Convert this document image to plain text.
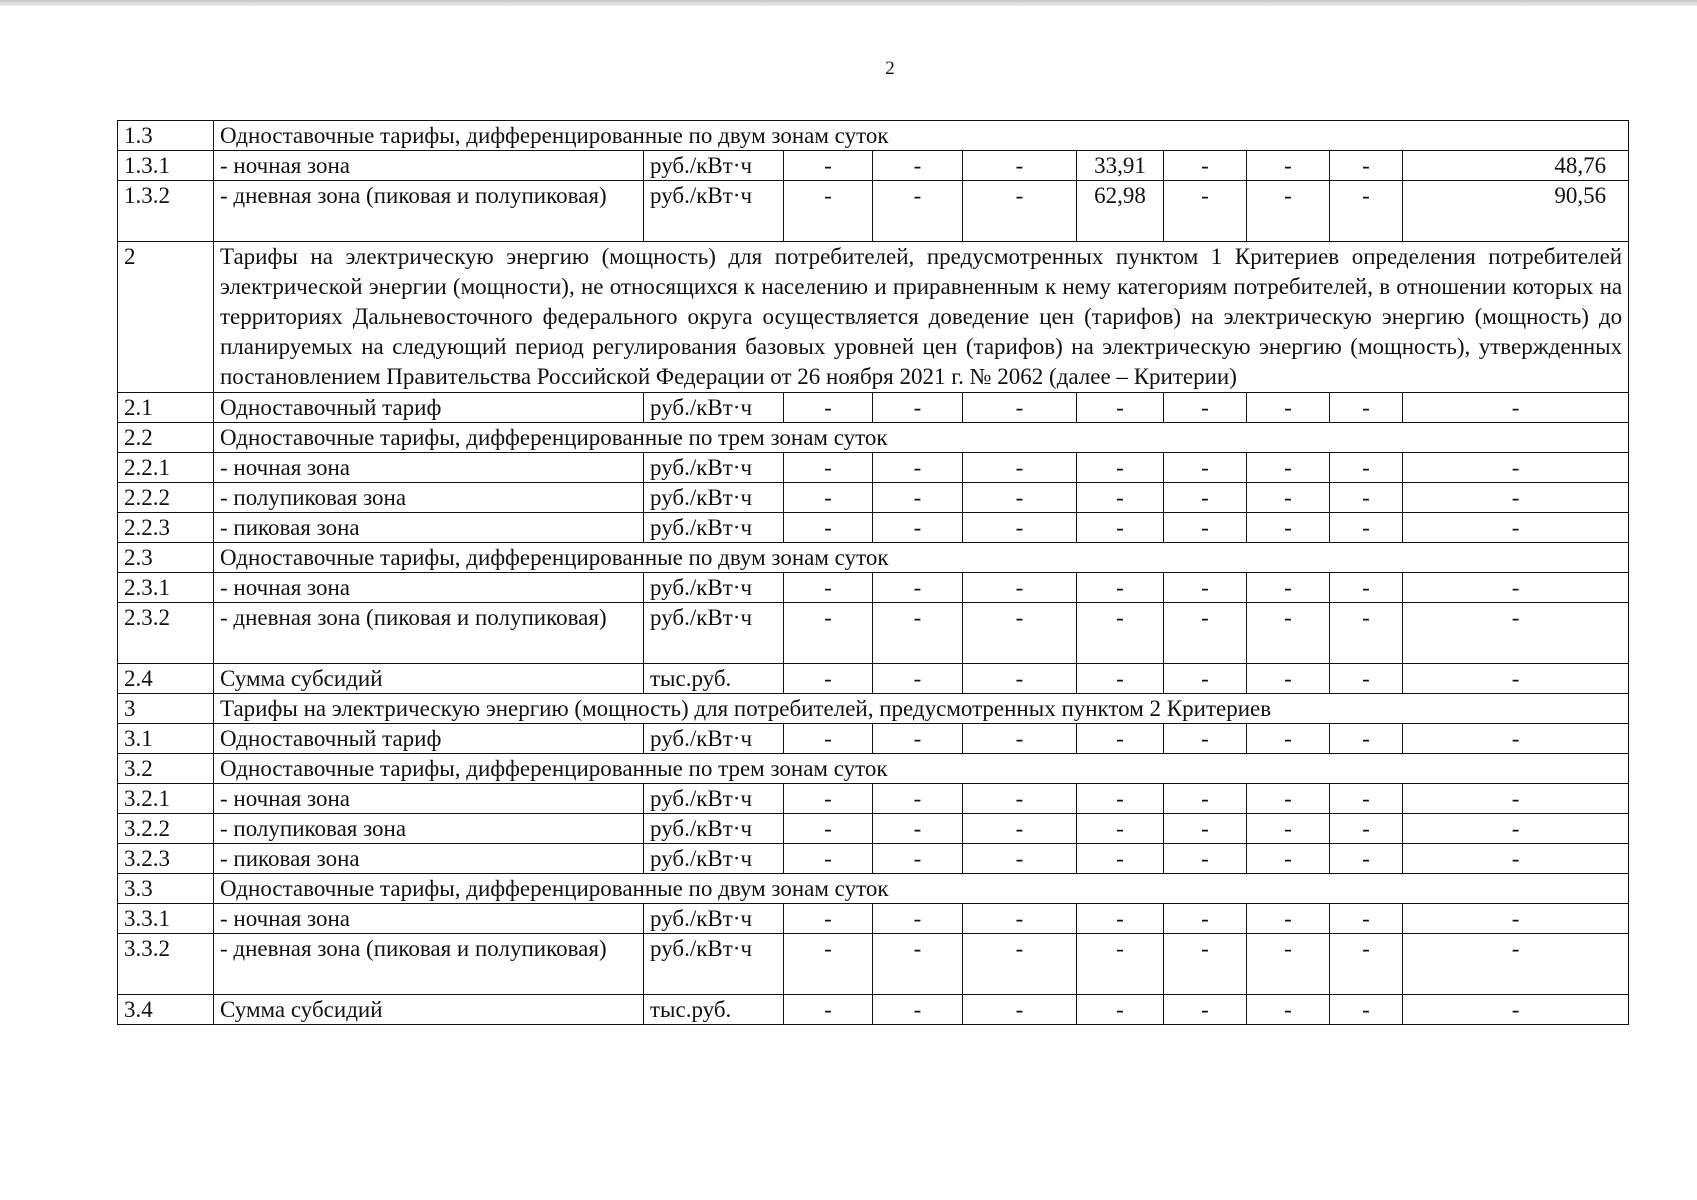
2
1.3	Одноставочные тарифы, дифференцированные по двум зонам суток									
1.3.1	- ночная зона	руб./кВт·ч	-	-	-	33,91	-	-	-	48,76
1.3.2	- дневная зона (пиковая и полупиковая)	руб./кВт·ч	-	-	-	62,98	-	-	-	90,56
2	Тарифы на электрическую энергию (мощность) для потребителей, предусмотренных пунктом 1 Критериев определения потребителей электрической энергии (мощности), не относящихся к населению и приравненным к нему категориям потребителей, в отношении которых на территориях Дальневосточного федерального округа осуществляется доведение цен (тарифов) на электрическую энергию (мощность) до планируемых на следующий период регулирования базовых уровней цен (тарифов) на электрическую энергию (мощность), утвержденных постановлением Правительства Российской Федерации от 26 ноября 2021 г. № 2062 (далее – Критерии)									
2.1	Одноставочный тариф	руб./кВт·ч	-	-	-	-	-	-	-	-
2.2	Одноставочные тарифы, дифференцированные по трем зонам суток									
2.2.1	- ночная зона	руб./кВт·ч	-	-	-	-	-	-	-	-
2.2.2	- полупиковая зона	руб./кВт·ч	-	-	-	-	-	-	-	-
2.2.3	- пиковая зона	руб./кВт·ч	-	-	-	-	-	-	-	-
2.3	Одноставочные тарифы, дифференцированные по двум зонам суток									
2.3.1	- ночная зона	руб./кВт·ч	-	-	-	-	-	-	-	-
2.3.2	- дневная зона (пиковая и полупиковая)	руб./кВт·ч	-	-	-	-	-	-	-	-
2.4	Сумма субсидий	тыс.руб.	-	-	-	-	-	-	-	-
3	Тарифы на электрическую энергию (мощность) для потребителей, предусмотренных пунктом 2 Критериев									
3.1	Одноставочный тариф	руб./кВт·ч	-	-	-	-	-	-	-	-
3.2	Одноставочные тарифы, дифференцированные по трем зонам суток									
3.2.1	- ночная зона	руб./кВт·ч	-	-	-	-	-	-	-	-
3.2.2	- полупиковая зона	руб./кВт·ч	-	-	-	-	-	-	-	-
3.2.3	- пиковая зона	руб./кВт·ч	-	-	-	-	-	-	-	-
3.3	Одноставочные тарифы, дифференцированные по двум зонам суток									
3.3.1	- ночная зона	руб./кВт·ч	-	-	-	-	-	-	-	-
3.3.2	- дневная зона (пиковая и полупиковая)	руб./кВт·ч	-	-	-	-	-	-	-	-
3.4	Сумма субсидий	тыс.руб.	-	-	-	-	-	-	-	-
